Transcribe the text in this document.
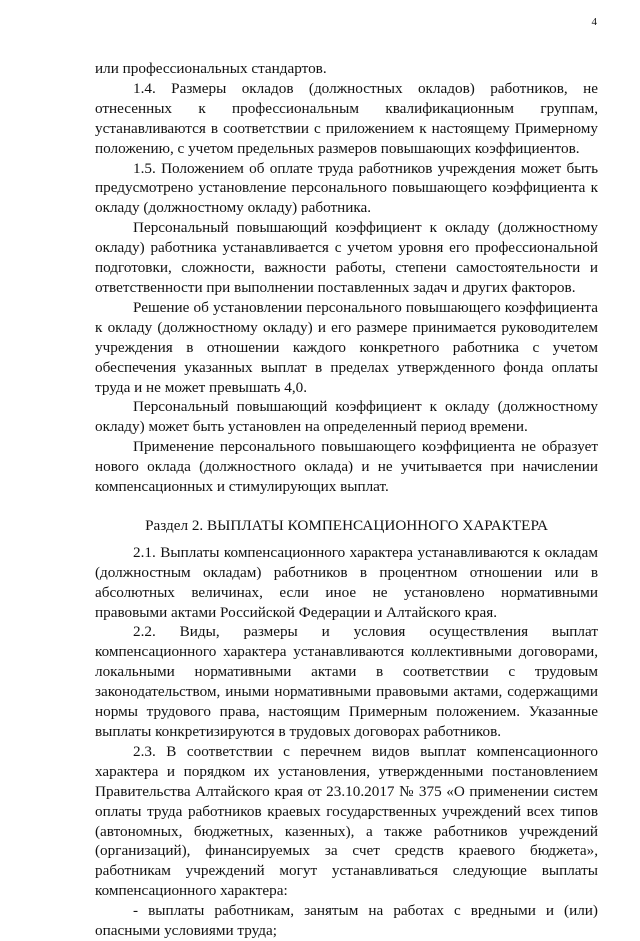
4

или профессиональных стандартов.

1.4. Размеры окладов (должностных окладов) работников, не отнесенных к профессиональным квалификационным группам, устанавливаются в соответствии с приложением к настоящему Примерному положению, с учетом предельных размеров повышающих коэффициентов.

1.5. Положением об оплате труда работников учреждения может быть предусмотрено установление персонального повышающего коэффициента к окладу (должностному окладу) работника.

Персональный повышающий коэффициент к окладу (должностному окладу) работника устанавливается с учетом уровня его профессиональной подготовки, сложности, важности работы, степени самостоятельности и ответственности при выполнении поставленных задач и других факторов.

Решение об установлении персонального повышающего коэффициента к окладу (должностному окладу) и его размере принимается руководителем учреждения в отношении каждого конкретного работника с учетом обеспечения указанных выплат в пределах утвержденного фонда оплаты труда и не может превышать 4,0.

Персональный повышающий коэффициент к окладу (должностному окладу) может быть установлен на определенный период времени.

Применение персонального повышающего коэффициента не образует нового оклада (должностного оклада) и не учитывается при начислении компенсационных и стимулирующих выплат.

Раздел 2. ВЫПЛАТЫ КОМПЕНСАЦИОННОГО ХАРАКТЕРА

2.1. Выплаты компенсационного характера устанавливаются к окладам (должностным окладам) работников в процентном отношении или в абсолютных величинах, если иное не установлено нормативными правовыми актами Российской Федерации и Алтайского края.

2.2. Виды, размеры и условия осуществления выплат компенсационного характера устанавливаются коллективными договорами, локальными нормативными актами в соответствии с трудовым законодательством, иными нормативными правовыми актами, содержащими нормы трудового права, настоящим Примерным положением. Указанные выплаты конкретизируются в трудовых договорах работников.

2.3. В соответствии с перечнем видов выплат компенсационного характера и порядком их установления, утвержденными постановлением Правительства Алтайского края от 23.10.2017 № 375 «О применении систем оплаты труда работников краевых государственных учреждений всех типов (автономных, бюджетных, казенных), а также работников учреждений (организаций), финансируемых за счет средств краевого бюджета», работникам учреждений могут устанавливаться следующие выплаты компенсационного характера:

- выплаты работникам, занятым на работах с вредными и (или) опасными условиями труда;
